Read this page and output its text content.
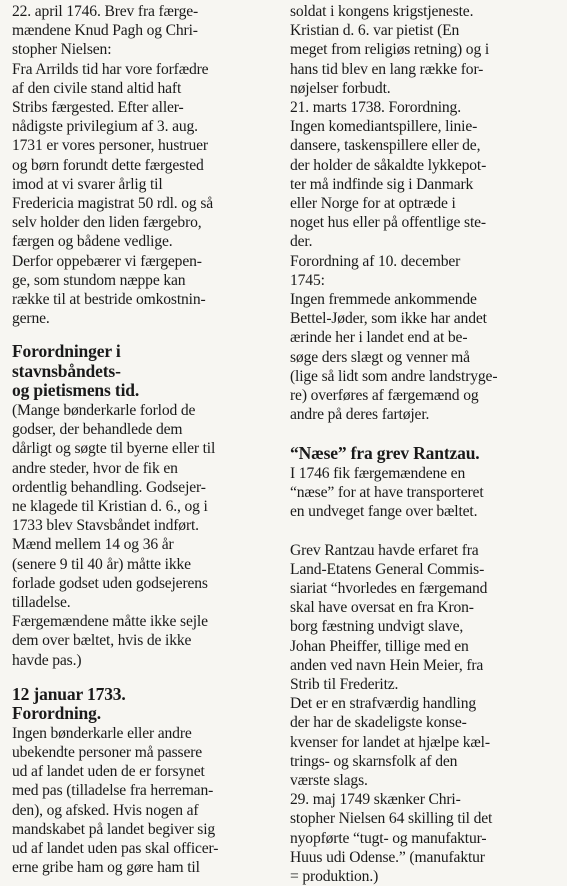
22. april 1746. Brev fra færge-
mændene Knud Pagh og Chri-
stopher Nielsen:
Fra Arrilds tid har vore forfædre
af den civile stand altid haft
Stribs færgested. Efter aller-
nådigste privilegium af 3. aug.
1731 er vores personer, hustruer
og børn forundt dette færgested
imod at vi svarer årlig til
Fredericia magistrat 50 rdl. og så
selv holder den liden færgebro,
færgen og bådene vedlige.
Derfor oppebærer vi færgepen-
ge, som stundom næppe kan
række til at bestride omkostnin-
gerne.

Forordninger i
stavnsbåndets-
og pietismens tid.

(Mange bønderkarle forlod de
godser, der behandlede dem
dårligt og søgte til byerne eller til
andre steder, hvor de fik en
ordentlig behandling. Godsejer-
ne klagede til Kristian d. 6., og i
1733 blev Stavsbåndet indført.
Mænd mellem 14 og 36 år
(senere 9 til 40 år) måtte ikke
forlade godset uden godsejerens
tilladelse.
Færgemændene måtte ikke sejle
dem over bæltet, hvis de ikke
havde pas.)

12 januar 1733.
Forordning.

Ingen bønderkarle eller andre
ubekendte personer må passere
ud af landet uden de er forsynet
med pas (tilladelse fra herreman-
den), og afsked. Hvis nogen af
mandskabet på landet begiver sig
ud af landet uden pas skal officer-
erne gribe ham og gøre ham til

soldat i kongens krigstjeneste.
Kristian d. 6. var pietist (En
meget from religiøs retning) og i
hans tid blev en lang række for-
nøjelser forbudt.
21. marts 1738. Forordning.
Ingen komediantspillere, linie-
dansere, taskenspillere eller de,
der holder de såkaldte lykkepot-
ter må indfinde sig i Danmark
eller Norge for at optræde i
noget hus eller på offentlige ste-
der.
Forordning af 10. december
1745:
Ingen fremmede ankommende
Bettel-Jøder, som ikke har andet
ærinde her i landet end at be-
søge ders slægt og venner må
(lige så lidt som andre landstryge-
re) overføres af færgemænd og
andre på deres fartøjer.

“Næse” fra grev Rantzau.

I 1746 fik færgemændene en
“næse” for at have transporteret
en undveget fange over bæltet.

Grev Rantzau havde erfaret fra
Land-Etatens General Commis-
siariat “hvorledes en færgemand
skal have oversat en fra Kron-
borg fæstning undvigt slave,
Johan Pheiffer, tillige med en
anden ved navn Hein Meier, fra
Strib til Frederitz.
Det er en strafværdig handling
der har de skadeligste konse-
kvenser for landet at hjælpe kæl-
trings- og skarnsfolk af den
værste slags.
29. maj 1749 skænker Chri-
stopher Nielsen 64 skilling til det
nyopførte “tugt- og manufaktur-
Huus udi Odense.” (manufaktur
= produktion.)
